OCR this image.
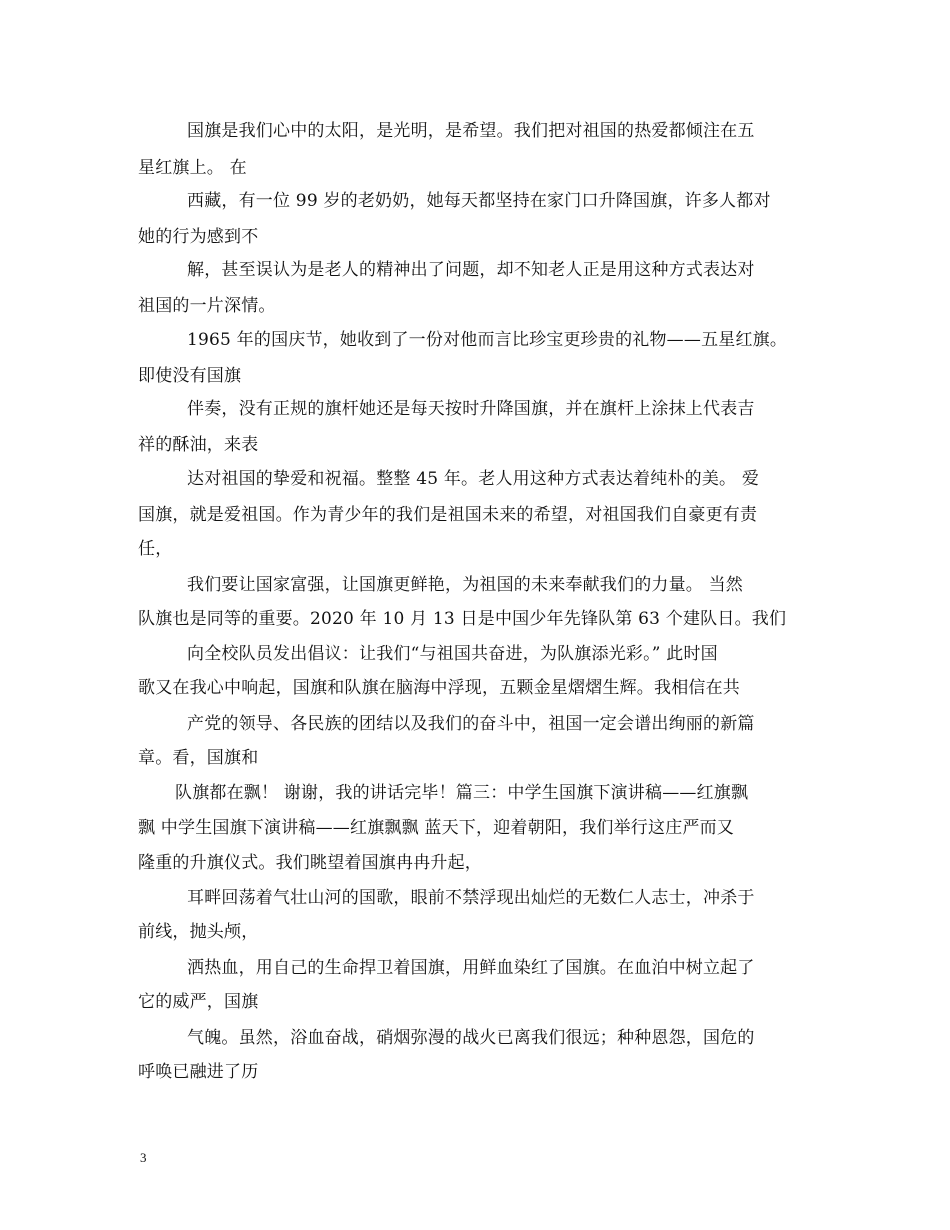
国旗是我们心中的太阳，是光明，是希望。我们把对祖国的热爱都倾注在五
星红旗上。 在
西藏，有一位 99 岁的老奶奶，她每天都坚持在家门口升降国旗，许多人都对
她的行为感到不
解，甚至误认为是老人的精神出了问题，却不知老人正是用这种方式表达对
祖国的一片深情。
1965 年的国庆节，她收到了一份对他而言比珍宝更珍贵的礼物——五星红旗。
即使没有国旗
伴奏，没有正规的旗杆她还是每天按时升降国旗，并在旗杆上涂抹上代表吉
祥的酥油，来表
达对祖国的挚爱和祝福。整整 45 年。老人用这种方式表达着纯朴的美。 爱
国旗，就是爱祖国。作为青少年的我们是祖国未来的希望，对祖国我们自豪更有责
任，
我们要让国家富强，让国旗更鲜艳，为祖国的未来奉献我们的力量。 当然
队旗也是同等的重要。2020 年 10 月 13 日是中国少年先锋队第 63 个建队日。我们
向全校队员发出倡议：让我们“与祖国共奋进，为队旗添光彩。” 此时国
歌又在我心中响起，国旗和队旗在脑海中浮现，五颗金星熠熠生辉。我相信在共
产党的领导、各民族的团结以及我们的奋斗中，祖国一定会谱出绚丽的新篇
章。看，国旗和
队旗都在飘！ 谢谢，我的讲话完毕！篇三：中学生国旗下演讲稿——红旗飘
飘 中学生国旗下演讲稿——红旗飘飘 蓝天下，迎着朝阳，我们举行这庄严而又
隆重的升旗仪式。我们眺望着国旗冉冉升起，
耳畔回荡着气壮山河的国歌，眼前不禁浮现出灿烂的无数仁人志士，冲杀于
前线，抛头颅，
洒热血，用自己的生命捍卫着国旗，用鲜血染红了国旗。在血泊中树立起了
它的威严，国旗
气魄。虽然，浴血奋战，硝烟弥漫的战火已离我们很远；种种恩怨，国危的
呼唤已融进了历
3
